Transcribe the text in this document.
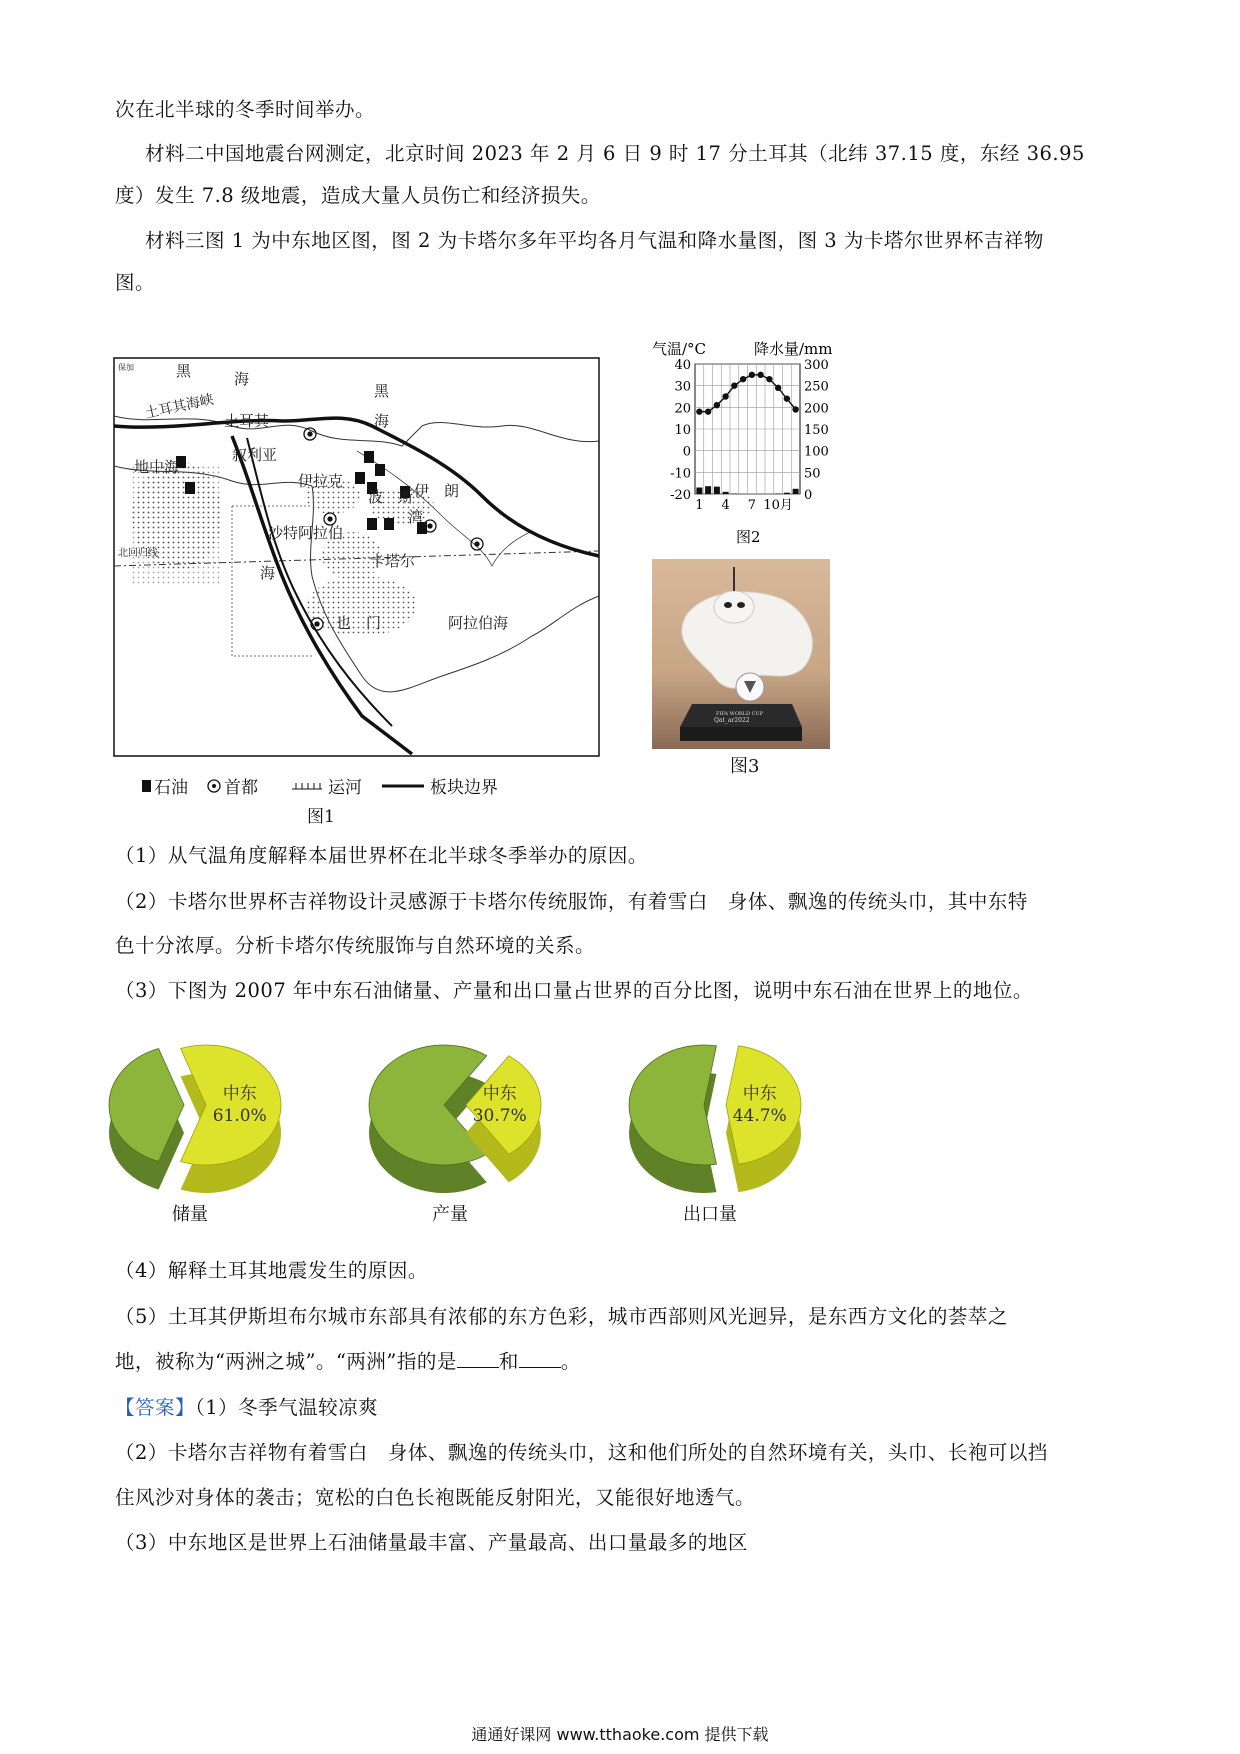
次在北半球的冬季时间举办。
材料二中国地震台网测定，北京时间 2023 年 2 月 6 日 9 时 17 分土耳其（北纬 37.15 度，东经 36.95
度）发生 7.8 级地震，造成大量人员伤亡和经济损失。
材料三图 1 为中东地区图，图 2 为卡塔尔多年平均各月气温和降水量图，图 3 为卡塔尔世界杯吉祥物
图。
黑	海
黑
海
土耳其海峡 土耳其
叙利亚
地中海
伊拉克
伊　朗
沙特阿拉伯
波　斯
湾
卡塔尔
海
也　门	阿拉伯海
北回归线
保加
石油 首都	运河	板块边界
图1
气温/°C	降水量/mm
40	300
30	250
20	200
10	150
0	100
-10	50
-20	0
1 4 7 10月
图2
FIFA WORLD CUP
Qat_ar2022
图3
（1）从气温角度解释本届世界杯在北半球冬季举办的原因。
（2）卡塔尔世界杯吉祥物设计灵感源于卡塔尔传统服饰，有着雪白　身体、飘逸的传统头巾，其中东特
色十分浓厚。分析卡塔尔传统服饰与自然环境的关系。
（3）下图为 2007 年中东石油储量、产量和出口量占世界的百分比图，说明中东石油在世界上的地位。
中东
61.0%
储量
中东
30.7%
产量
中东
44.7%
出口量
（4）解释土耳其地震发生的原因。
（5）土耳其伊斯坦布尔城市东部具有浓郁的东方色彩，城市西部则风光迥异，是东西方文化的荟萃之
地，被称为“两洲之城”。“两洲”指的是 和 。
【答案】（1）冬季气温较凉爽
（2）卡塔尔吉祥物有着雪白　身体、飘逸的传统头巾，这和他们所处的自然环境有关，头巾、长袍可以挡
住风沙对身体的袭击；宽松的白色长袍既能反射阳光，又能很好地透气。
（3）中东地区是世界上石油储量最丰富、产量最高、出口量最多的地区
通通好课网 www.tthaoke.com 提供下载
